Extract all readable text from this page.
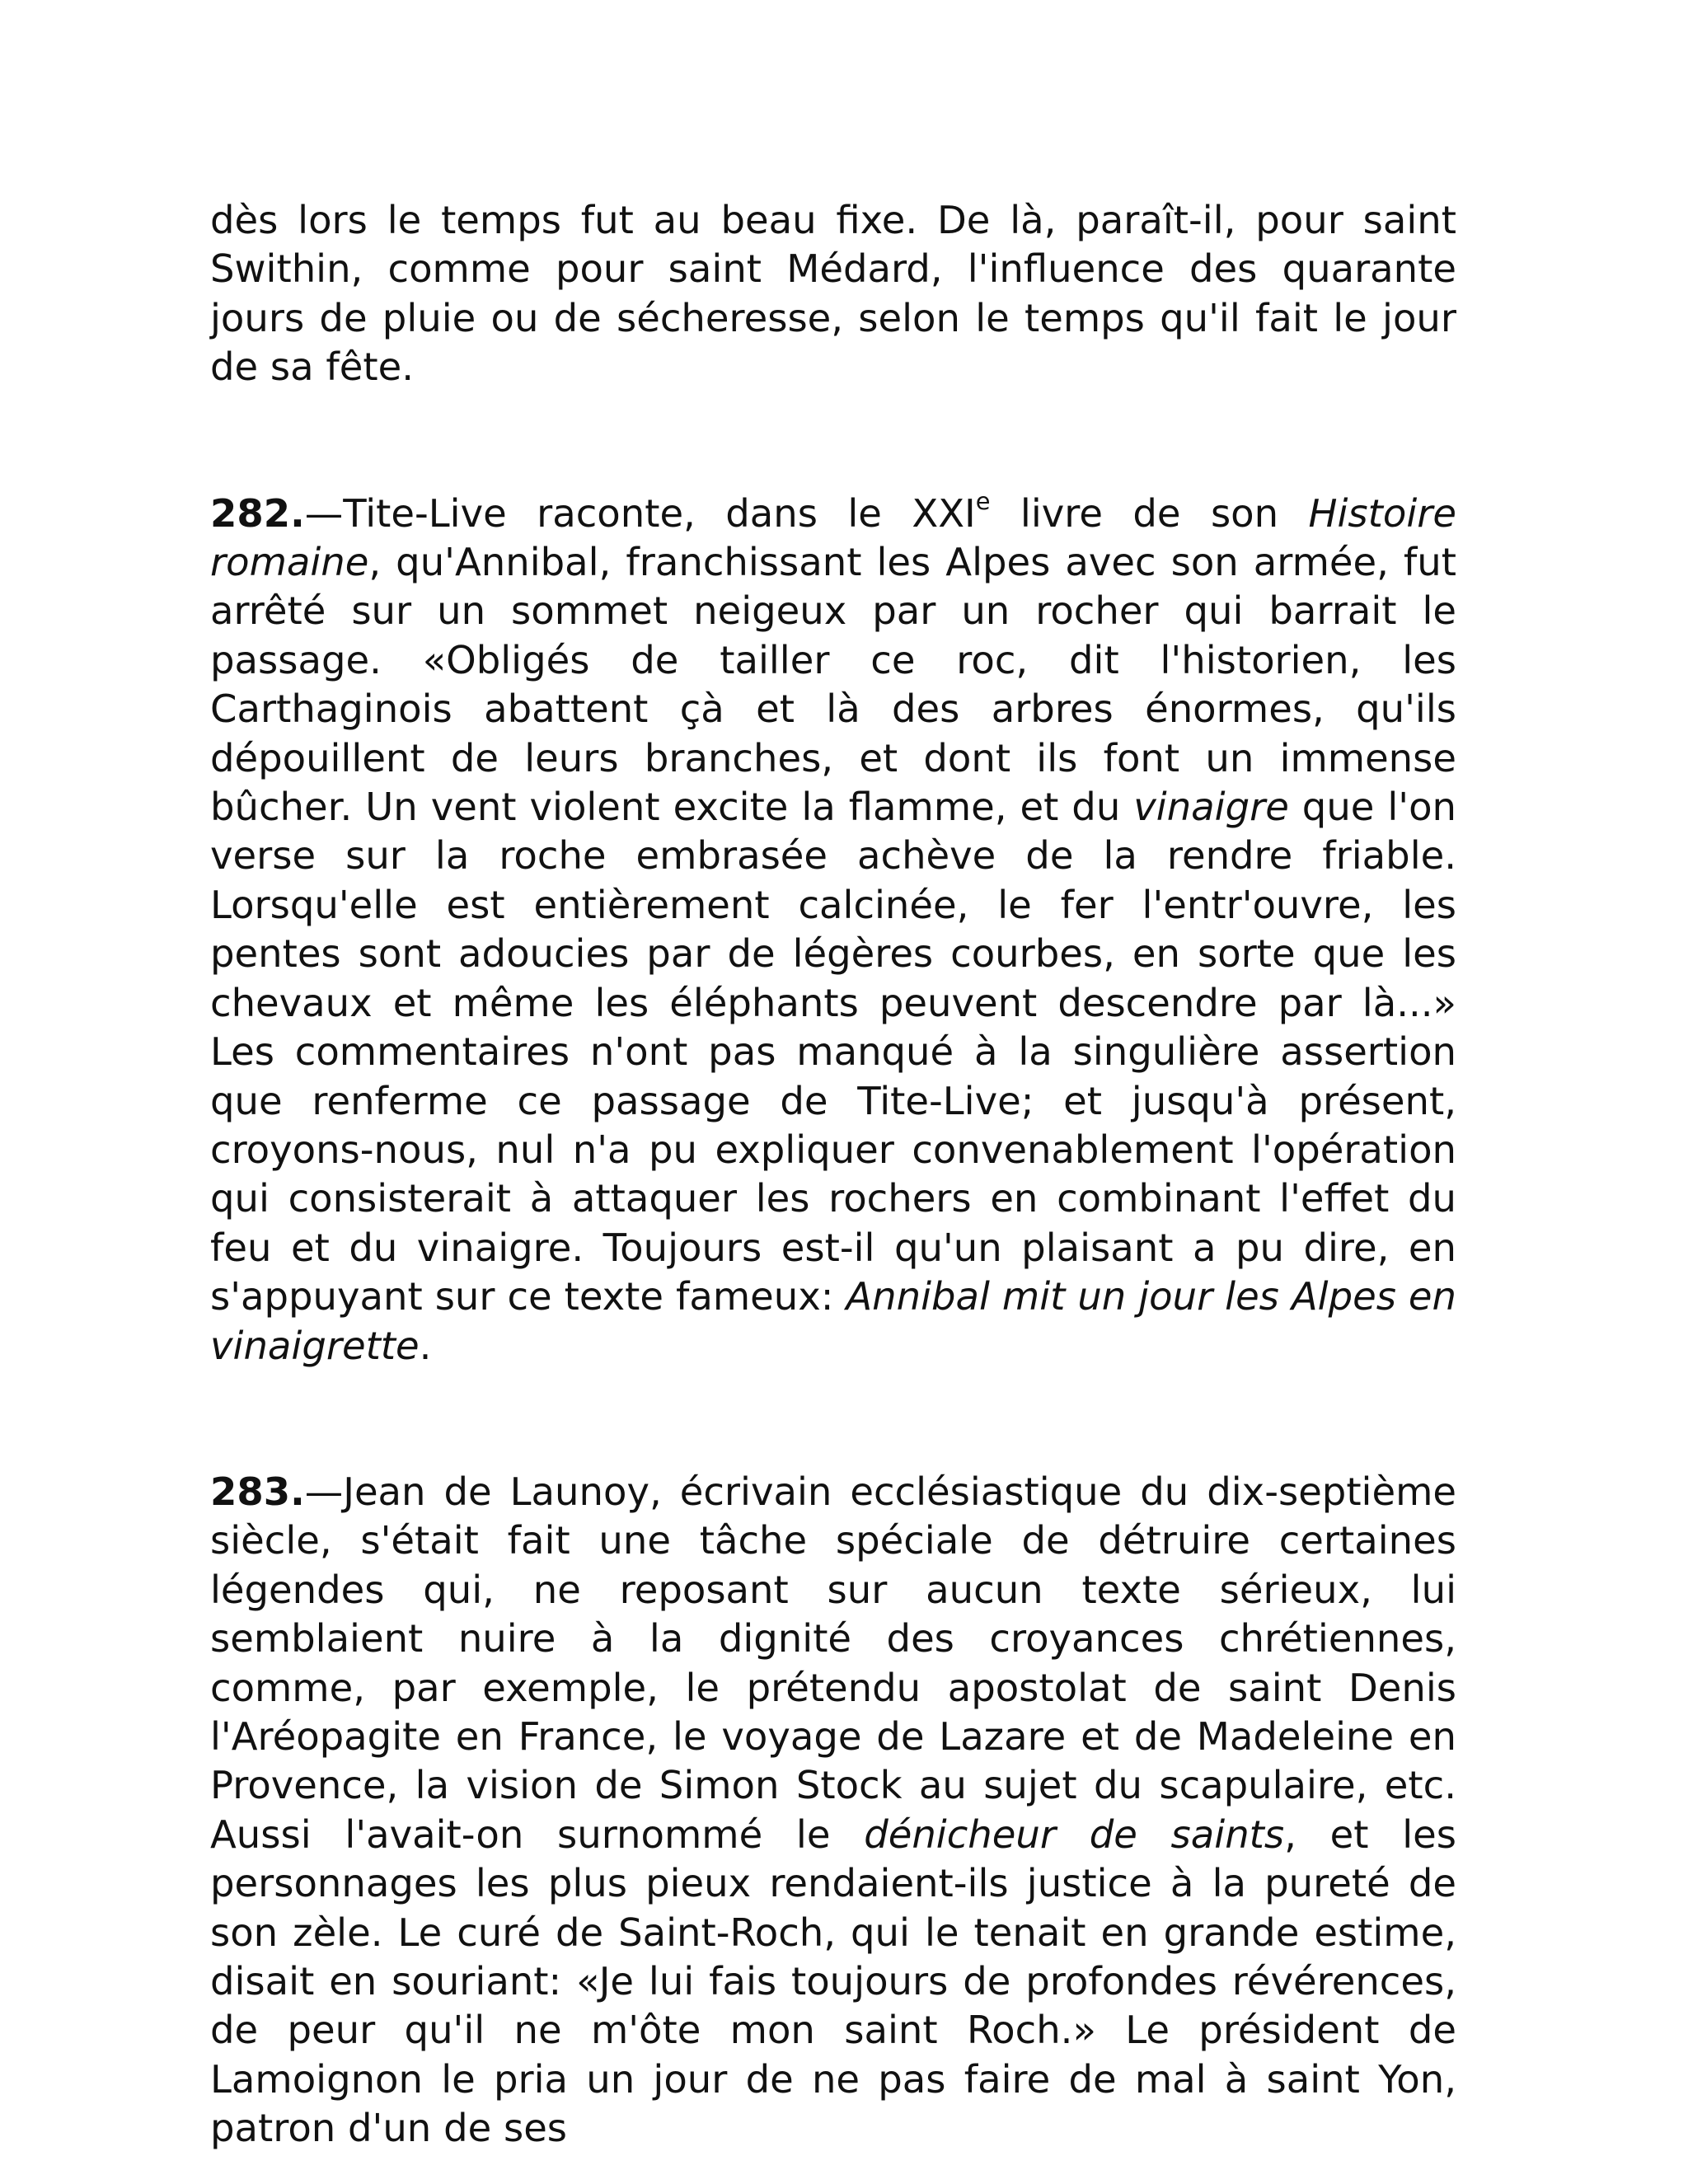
dès lors le temps fut au beau fixe. De là, paraît-il, pour saint Swithin, comme pour saint Médard, l'influence des quarante jours de pluie ou de sécheresse, selon le temps qu'il fait le jour de sa fête.

282.—Tite-Live raconte, dans le XXIe livre de son Histoire romaine, qu'Annibal, franchissant les Alpes avec son armée, fut arrêté sur un sommet neigeux par un rocher qui barrait le passage. «Obligés de tailler ce roc, dit l'historien, les Carthaginois abattent çà et là des arbres énormes, qu'ils dépouillent de leurs branches, et dont ils font un immense bûcher. Un vent violent excite la flamme, et du vinaigre que l'on verse sur la roche embrasée achève de la rendre friable. Lorsqu'elle est entièrement calcinée, le fer l'entr'ouvre, les pentes sont adoucies par de légères courbes, en sorte que les chevaux et même les éléphants peuvent descendre par là...» Les commentaires n'ont pas manqué à la singulière assertion que renferme ce passage de Tite-Live; et jusqu'à présent, croyons-nous, nul n'a pu expliquer convenablement l'opération qui consisterait à attaquer les rochers en combinant l'effet du feu et du vinaigre. Toujours est-il qu'un plaisant a pu dire, en s'appuyant sur ce texte fameux: Annibal mit un jour les Alpes en vinaigrette.

283.—Jean de Launoy, écrivain ecclésiastique du dix-septième siècle, s'était fait une tâche spéciale de détruire certaines légendes qui, ne reposant sur aucun texte sérieux, lui semblaient nuire à la dignité des croyances chrétiennes, comme, par exemple, le prétendu apostolat de saint Denis l'Aréopagite en France, le voyage de Lazare et de Madeleine en Provence, la vision de Simon Stock au sujet du scapulaire, etc. Aussi l'avait-on surnommé le dénicheur de saints, et les personnages les plus pieux rendaient-ils justice à la pureté de son zèle. Le curé de Saint-Roch, qui le tenait en grande estime, disait en souriant: «Je lui fais toujours de profondes révérences, de peur qu'il ne m'ôte mon saint Roch.» Le président de Lamoignon le pria un jour de ne pas faire de mal à saint Yon, patron d'un de ses
